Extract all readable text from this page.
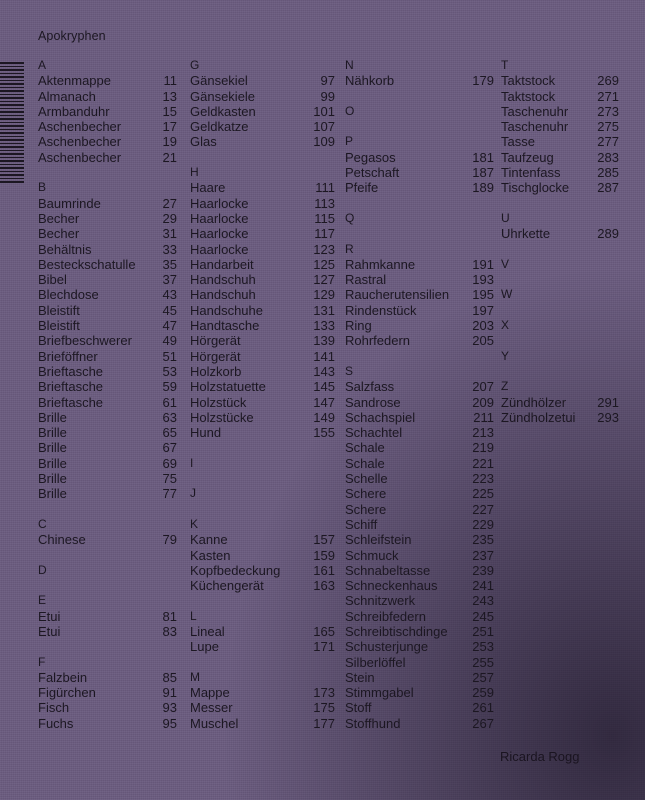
Apokryphen
A
Aktenmappe	11
Almanach	13
Armbanduhr	15
Aschenbecher	17
Aschenbecher	19
Aschenbecher	21
B
Baumrinde	27
Becher	29
Becher	31
Behältnis	33
Besteckschatulle 35
Bibel	37
Blechdose	43
Bleistift	45
Bleistift	47
Briefbeschwerer 49
Brieföffner	51
Brieftasche	53
Brieftasche	59
Brieftasche	61
Brille	63
Brille	65
Brille	67
Brille	69
Brille	75
Brille	77
C
Chinese	79
D
E
Etui	81
Etui	83
F
Falzbein	85
Figürchen	91
Fisch	93
Fuchs	95
G
Gänsekiel	97
Gänsekiele	99
Geldkasten	101
Geldkatze	107
Glas	109
H
Haare	111
Haarlocke	113
Haarlocke	115
Haarlocke	117
Haarlocke	123
Handarbeit	125
Handschuh	127
Handschuh	129
Handschuhe	131
Handtasche	133
Hörgerät	139
Hörgerät	141
Holzkorb	143
Holzstatuette	145
Holzstück	147
Holzstücke	149
Hund	155
I
J
K
Kanne	157
Kasten	159
Kopfbedeckung	161
Küchengerät	163
L
Lineal	165
Lupe	171
M
Mappe	173
Messer	175
Muschel	177
N
Nähkorb	179
O
P
Pegasos	181
Petschaft	187
Pfeife	189
Q
R
Rahmkanne	191
Rastral	193
Raucherutensilien 195
Rindenstück	197
Ring	203
Rohrfedern	205
S
Salzfass	207
Sandrose	209
Schachspiel	211
Schachtel	213
Schale	219
Schale	221
Schelle	223
Schere	225
Schere	227
Schiff	229
Schleifstein	235
Schmuck	237
Schnabeltasse	239
Schneckenhaus	241
Schnitzwerk	243
Schreibfedern	245
Schreibtischdinge 251
Schusterjunge	253
Silberlöffel	255
Stein	257
Stimmgabel	259
Stoff	261
Stoffhund	267
T
Taktstock	269
Taktstock	271
Taschenuhr 273
Taschenuhr 275
Tasse	277
Taufzeug	283
Tintenfass	285
Tischglocke 287
U
Uhrkette	289
V
W
X
Y
Z
Zündhölzer 291
Zündholzetui 293
Ricarda Rogg
